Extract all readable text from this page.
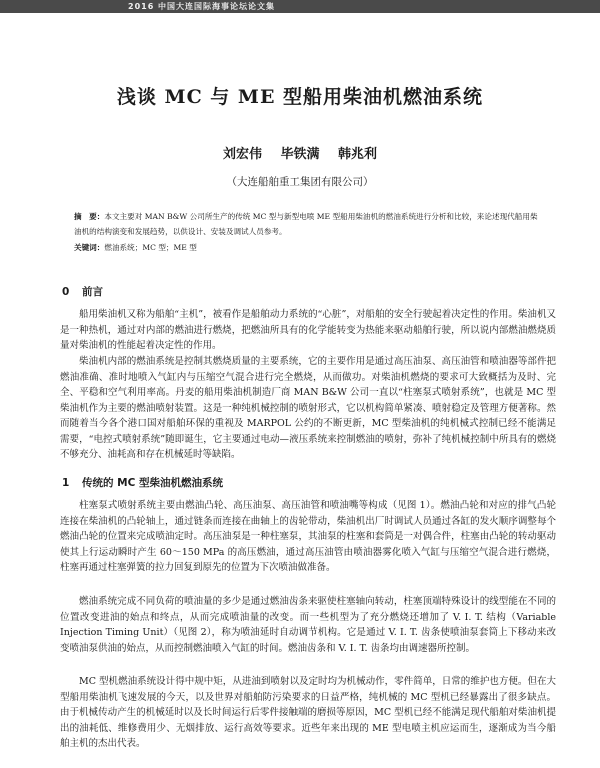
2016 中国大连国际海事论坛论文集
浅谈 MC 与 ME 型船用柴油机燃油系统
刘宏伟 毕铁满 韩兆利
（大连船舶重工集团有限公司）
摘　要：本文主要对 MAN B&W 公司所生产的传统 MC 型与新型电喷 ME 型船用柴油机的燃油系统进行分析和比较，来论述现代船用柴油机的结构演变和发展趋势，以供设计、安装及调试人员参考。
关键词：燃油系统；MC 型；ME 型
0 前言

船用柴油机又称为船舶“主机”，被看作是船舶动力系统的“心脏”，对船舶的安全行驶起着决定性的作用。柴油机又是一种热机，通过对内部的燃油进行燃烧，把燃油所具有的化学能转变为热能来驱动船舶行驶，所以说内部燃油燃烧质量对柴油机的性能起着决定性的作用。

柴油机内部的燃油系统是控制其燃烧质量的主要系统，它的主要作用是通过高压油泵、高压油管和喷油器等部件把燃油准确、准时地喷入气缸内与压缩空气混合进行完全燃烧，从而做功。对柴油机燃烧的要求可大致概括为及时、完全、平稳和空气利用率高。丹麦的船用柴油机制造厂商 MAN B&W 公司一直以“柱塞泵式喷射系统”，也就是 MC 型柴油机作为主要的燃油喷射装置。这是一种纯机械控制的喷射形式，它以机构简单紧凑、喷射稳定及管理方便著称。然而随着当今各个港口国对船舶环保的重视及 MARPOL 公约的不断更新，MC 型柴油机的纯机械式控制已经不能满足需要，“电控式喷射系统”随即诞生，它主要通过电动—液压系统来控制燃油的喷射，弥补了纯机械控制中所具有的燃烧不够充分、油耗高和存在机械延时等缺陷。

1 传统的 MC 型柴油机燃油系统

柱塞泵式喷射系统主要由燃油凸轮、高压油泵、高压油管和喷油嘴等构成（见图 1）。燃油凸轮和对应的排气凸轮连接在柴油机的凸轮轴上，通过链条而连接在曲轴上的齿轮带动，柴油机出厂时调试人员通过各缸的发火顺序调整每个燃油凸轮的位置来完成喷油定时。高压油泵是一种柱塞泵，其油泵的柱塞和套筒是一对偶合件，柱塞由凸轮的转动驱动使其上行运动瞬时产生 60～150 MPa 的高压燃油，通过高压油管由喷油器雾化喷入气缸与压缩空气混合进行燃烧，柱塞再通过柱塞弹簧的拉力回复到原先的位置为下次喷油做准备。

燃油系统完成不同负荷的喷油量的多少是通过燃油齿条来驱使柱塞轴向转动，柱塞顶端特殊设计的线型能在不同的位置改变进油的始点和终点，从而完成喷油量的改变。而一些机型为了充分燃烧还增加了 V. I. T. 结构（Variable Injection Timing Unit）（见图 2），称为喷油延时自动调节机构。它是通过 V. I. T. 齿条使喷油泵套筒上下移动来改变喷油泵供油的始点，从而控制燃油喷入气缸的时间。燃油齿条和 V. I. T. 齿条均由调速器所控制。

MC 型机燃油系统设计得中规中矩，从进油到喷射以及定时均为机械动作，零件简单，日常的维护也方便。但在大型船用柴油机飞速发展的今天，以及世界对船舶防污染要求的日益严格，纯机械的 MC 型机已经暴露出了很多缺点。由于机械传动产生的机械延时以及长时间运行后零件接触端的磨损等原因，MC 型机已经不能满足现代船舶对柴油机提出的油耗低、维修费用少、无烟排放、运行高效等要求。近些年来出现的 ME 型电喷主机应运而生，逐渐成为当今船舶主机的杰出代表。
